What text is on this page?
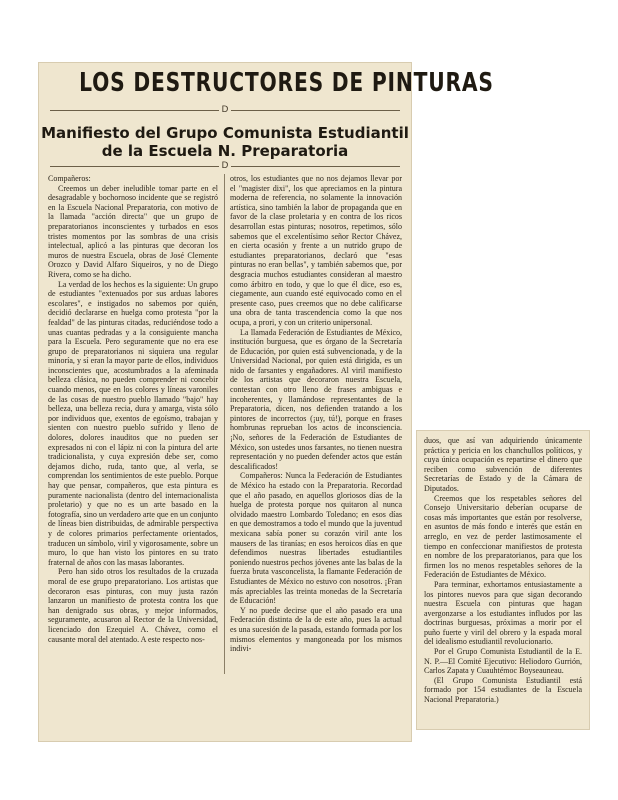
LOS DESTRUCTORES DE PINTURAS
D
Manifiesto del Grupo Comunista Estudiantil
de la Escuela N. Preparatoria
D

Compañeros:

Creemos un deber ineludible tomar parte en el desagradable y bochornoso incidente que se registró en la Escuela Nacional Preparatoria, con motivo de la llamada "acción directa" que un grupo de preparatorianos inconscientes y turbados en esos tristes momentos por las sombras de una crisis intelectual, aplicó a las pinturas que decoran los muros de nuestra Escuela, obras de José Clemente Orozco y David Alfaro Siqueiros, y no de Diego Rivera, como se ha dicho.

La verdad de los hechos es la siguiente: Un grupo de estudiantes "extenuados por sus arduas labores escolares", e instigados no sabemos por quién, decidió declararse en huelga como protesta "por la fealdad" de las pinturas citadas, reduciéndose todo a unas cuantas pedradas y a la consiguiente mancha para la Escuela. Pero seguramente que no era ese grupo de preparatorianos ni siquiera una regular minoría, y sí eran la mayor parte de ellos, individuos inconscientes que, acostumbrados a la afeminada belleza clásica, no pueden comprender ni concebir cuando menos, que en los colores y líneas varoniles de las cosas de nuestro pueblo llamado "bajo" hay belleza, una belleza recia, dura y amarga, vista sólo por individuos que, exentos de egoísmo, trabajan y sienten con nuestro pueblo sufrido y lleno de dolores, dolores inauditos que no pueden ser expresados ni con el lápiz ni con la pintura del arte tradicionalista, y cuya expresión debe ser, como dejamos dicho, ruda, tanto que, al verla, se comprendan los sentimientos de este pueblo. Porque hay que pensar, compañeros, que esta pintura es puramente nacionalista (dentro del internacionalista proletario) y que no es un arte basado en la fotografía, sino un verdadero arte que en un conjunto de líneas bien distribuidas, de admirable perspectiva y de colores primarios perfectamente orientados, traducen un símbolo, viril y vigorosamente, sobre un muro, lo que han visto los pintores en su trato fraternal de años con las masas laborantes.

Pero han sido otros los resultados de la cruzada moral de ese grupo preparatoriano. Los artistas que decoraron esas pinturas, con muy justa razón lanzaron un manifiesto de protesta contra los que han denigrado sus obras, y mejor informados, seguramente, acusaron al Rector de la Universidad, licenciado don Ezequiel A. Chávez, como el causante moral del atentado. A este respecto nos-

otros, los estudiantes que no nos dejamos llevar por el "magister dixi", los que apreciamos en la pintura moderna de referencia, no solamente la innovación artística, sino también la labor de propaganda que en favor de la clase proletaria y en contra de los ricos desarrollan estas pinturas; nosotros, repetimos, sólo sabemos que el excelentísimo señor Rector Chávez, en cierta ocasión y frente a un nutrido grupo de estudiantes preparatorianos, declaró que "esas pinturas no eran bellas", y también sabemos que, por desgracia muchos estudiantes consideran al maestro como árbitro en todo, y que lo que él dice, eso es, ciegamente, aun cuando esté equivocado como en el presente caso, pues creemos que no debe calificarse una obra de tanta trascendencia como la que nos ocupa, a prori, y con un criterio unipersonal.

La llamada Federación de Estudiantes de México, institución burguesa, que es órgano de la Secretaría de Educación, por quien está subvencionada, y de la Universidad Nacional, por quien está dirigida, es un nido de farsantes y engañadores. Al viril manifiesto de los artistas que decoraron nuestra Escuela, contestan con otro lleno de frases ambiguas e incoherentes, y llamándose representantes de la Preparatoria, dicen, nos defienden tratando a los pintores de incorrectos (¡uy, tú!), porque en frases hombrunas reprueban los actos de inconsciencia. ¡No, señores de la Federación de Estudiantes de México, son ustedes unos farsantes, no tienen nuestra representación y no pueden defender actos que están descalificados!

Compañeros: Nunca la Federación de Estudiantes de México ha estado con la Preparatoria. Recordad que el año pasado, en aquellos gloriosos días de la huelga de protesta porque nos quitaron al nunca olvidado maestro Lombardo Toledano; en esos días en que demostramos a todo el mundo que la juventud mexicana sabía poner su corazón viril ante los mausers de las tiranías; en esos heroicos días en que defendimos nuestras libertades estudiantiles poniendo nuestros pechos jóvenes ante las balas de la fuerza bruta vasconcelista, la flamante Federación de Estudiantes de México no estuvo con nosotros. ¡Fran más apreciables las treinta monedas de la Secretaría de Educación!

Y no puede decirse que el año pasado era una Federación distinta de la de este año, pues la actual es una sucesión de la pasada, estando formada por los mismos elementos y mangoneada por los mismos indivi-

duos, que así van adquiriendo únicamente práctica y pericia en los chanchullos políticos, y cuya única ocupación es repartirse el dinero que reciben como subvención de diferentes Secretarías de Estado y de la Cámara de Diputados.

Creemos que los respetables señores del Consejo Universitario deberían ocuparse de cosas más importantes que están por resolverse, en asuntos de más fondo e interés que están en arreglo, en vez de perder lastimosamente el tiempo en confeccionar manifiestos de protesta en nombre de los preparatorianos, para que los firmen los no menos respetables señores de la Federación de Estudiantes de México.

Para terminar, exhortamos entusiastamente a los pintores nuevos para que sigan decorando nuestra Escuela con pinturas que hagan avergonzarse a los estudiantes infludos por las doctrinas burguesas, próximas a morir por el puño fuerte y viril del obrero y la espada moral del idealismo estudiantil revolucionario.

Por el Grupo Comunista Estudiantil de la E. N. P.—El Comité Ejecutivo: Heliodoro Gurrión, Carlos Zapata y Cuauhtémoc Boyseauneau.

(El Grupo Comunista Estudiantil está formado por 154 estudiantes de la Escuela Nacional Preparatoria.)
